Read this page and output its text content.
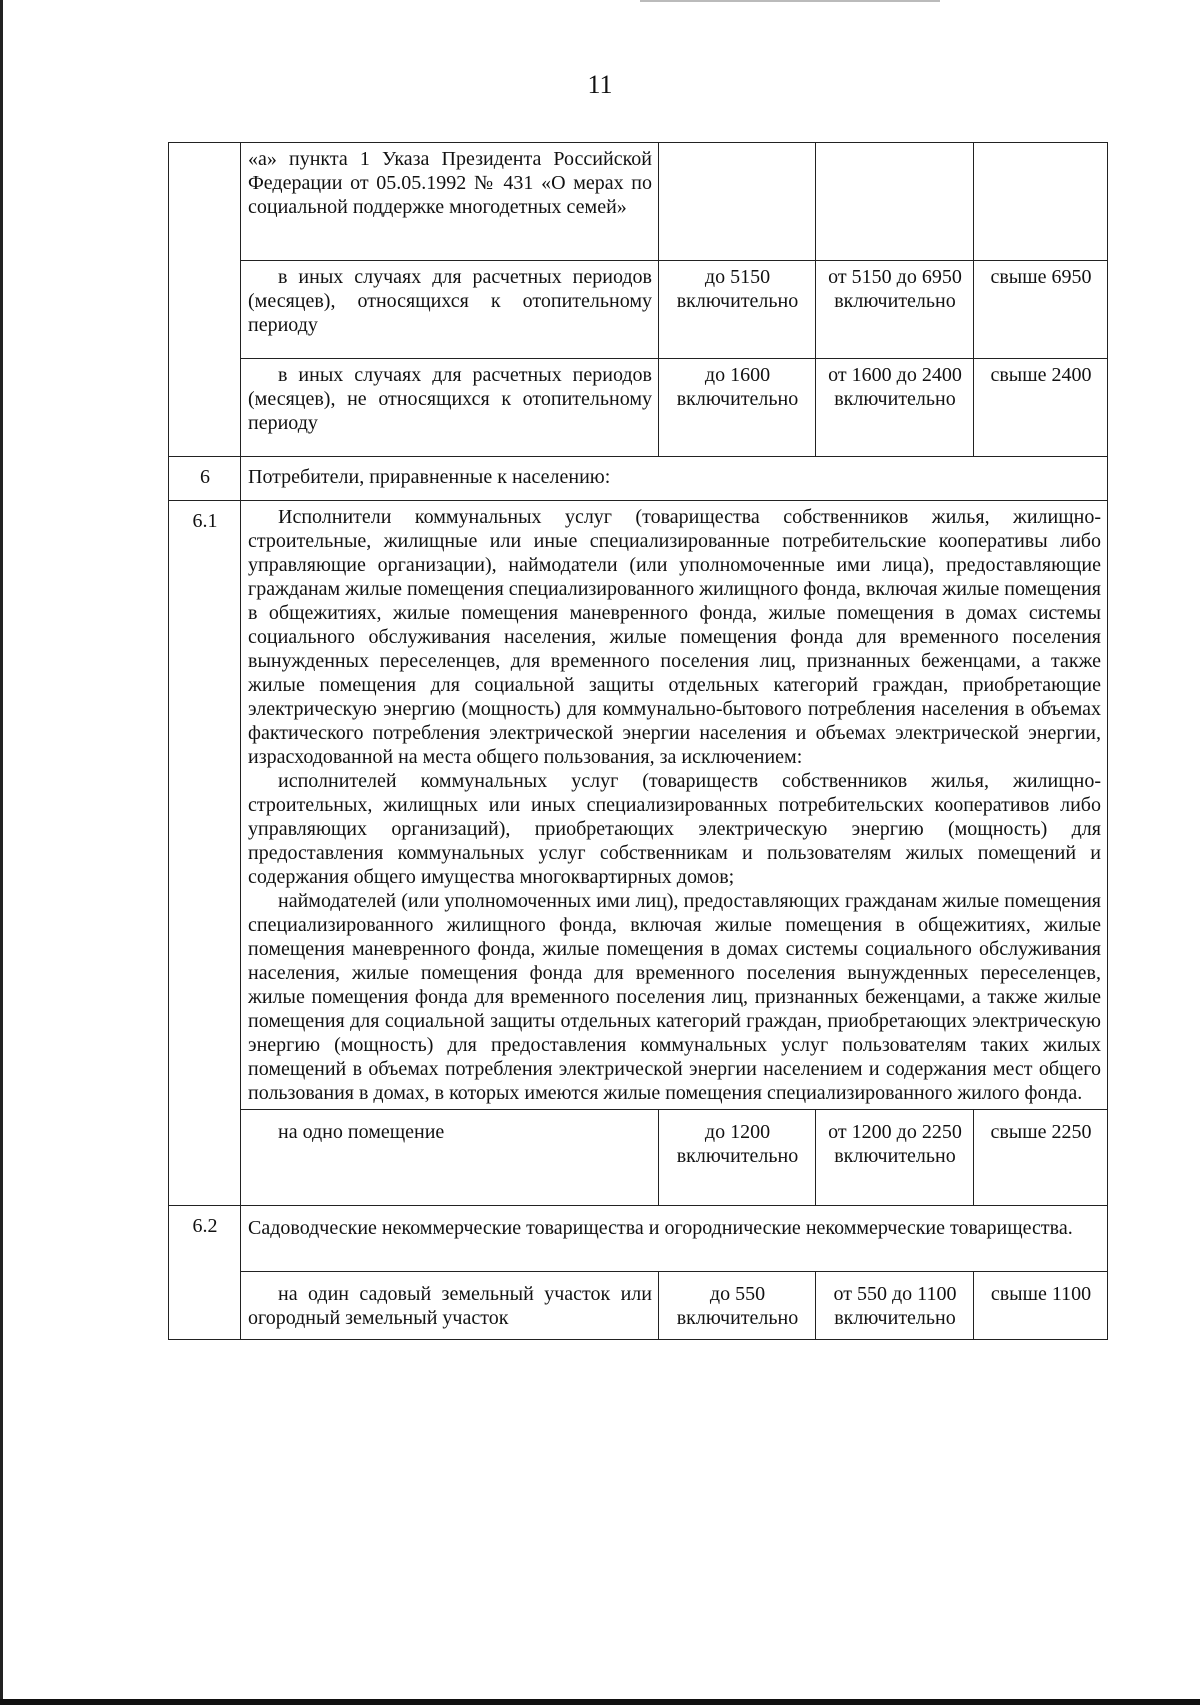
11
	«а» пункта 1 Указа Президента Российской Федерации от 05.05.1992 № 431 «О мерах по социальной поддержке многодетных семей»			
	в иных случаях для расчетных периодов (месяцев), относящихся к отопительному периоду	до 5150 включительно	от 5150 до 6950 включительно	свыше 6950
	в иных случаях для расчетных периодов (месяцев), не относящихся к отопительному периоду	до 1600 включительно	от 1600 до 2400 включительно	свыше 2400
6	Потребители, приравненные к населению:			
6.1	Исполнители коммунальных услуг (товарищества собственников жилья, жилищно-строительные, жилищные или иные специализированные потребительские кооперативы либо управляющие организации), наймодатели (или уполномоченные ими лица), предоставляющие гражданам жилые помещения специализированного жилищного фонда, включая жилые помещения в общежитиях, жилые помещения маневренного фонда, жилые помещения в домах системы социального обслуживания населения, жилые помещения фонда для временного поселения вынужденных переселенцев, для временного поселения лиц, признанных беженцами, а также жилые помещения для социальной защиты отдельных категорий граждан, приобретающие электрическую энергию (мощность) для коммунально-бытового потребления населения в объемах фактического потребления электрической энергии населения и объемах электрической энергии, израсходованной на места общего пользования, за исключением:

исполнителей коммунальных услуг (товариществ собственников жилья, жилищно-строительных, жилищных или иных специализированных потребительских кооперативов либо управляющих организаций), приобретающих электрическую энергию (мощность) для предоставления коммунальных услуг собственникам и пользователям жилых помещений и содержания общего имущества многоквартирных домов;

наймодателей (или уполномоченных ими лиц), предоставляющих гражданам жилые помещения специализированного жилищного фонда, включая жилые помещения в общежитиях, жилые помещения маневренного фонда, жилые помещения в домах системы социального обслуживания населения, жилые помещения фонда для временного поселения вынужденных переселенцев, жилые помещения фонда для временного поселения лиц, признанных беженцами, а также жилые помещения для социальной защиты отдельных категорий граждан, приобретающих электрическую энергию (мощность) для предоставления коммунальных услуг пользователям таких жилых помещений в объемах потребления электрической энергии населением и содержания мест общего пользования в домах, в которых имеются жилые помещения специализированного жилого фонда.			

	на одно помещение	до 1200 включительно	от 1200 до 2250 включительно	свыше 2250
6.2	Садоводческие некоммерческие товарищества и огороднические некоммерческие товарищества.			
	на один садовый земельный участок или огородный земельный участок	до 550 включительно	от 550 до 1100 включительно	свыше 1100
